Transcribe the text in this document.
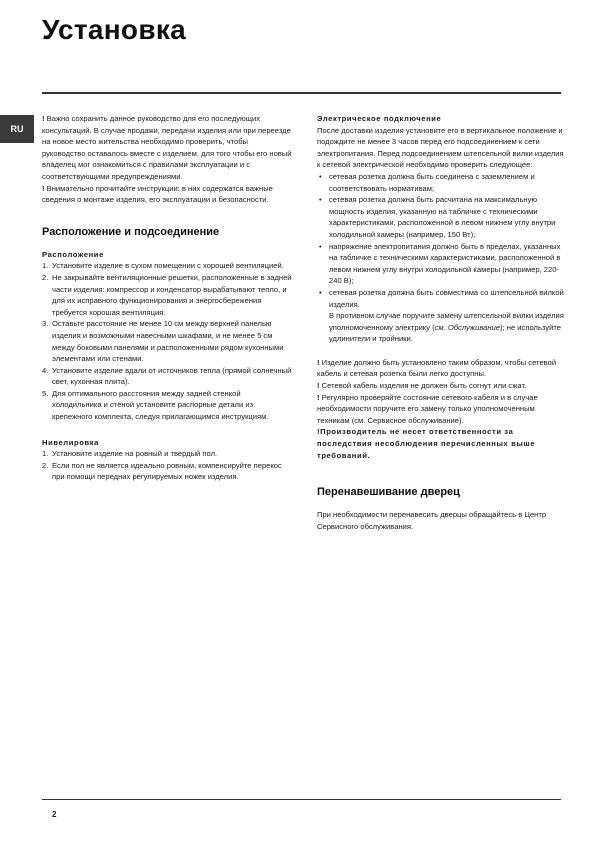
Установка
RU

! Важно сохранить данное руководство для его последующих консультаций. В случае продажи, передачи изделия или при переезде на новое место жительства необходимо проверить, чтобы руководство оставалось вместе с изделием, для того чтобы его новый владелец мог ознакомиться с правилами эксплуатации и с соответствующими предупреждениями.

! Внимательно прочитайте инструкции: в них содержатся важные сведения о монтаже изделия, его эксплуатации и безопасности.

Расположение и подсоединение
Расположение
1. Установите изделие в сухом помещении с хорошей вентиляцией.
2. Не закрывайте вентиляционные решетки, расположенные в задней части изделия: компрессор и конденсатор вырабатывают тепло, и для их исправного функционирования и энергосбережения требуется хорошая вентиляция.
3. Оставьте расстояние не менее 10 см между верхней панелью изделия и возможными навесными шкафами, и не менее 5 см между боковыми панелями и расположенными рядом кухонными элементами или стенами.
4. Установите изделие вдали от источников тепла (прямой солнечный свет, кухонная плита).
5. Для оптимального расстояния между задней стенкой холодильника и стеной установите распорные детали из крепежного комплекта, следуя прилагающимся инструкциям.
Нивелировка
1. Установите изделие на ровный и твердый пол.
2. Если пол не является идеально ровным, компенсируйте перекос при помощи передних регулируемых ножек изделия.
Электрическое подключение

После доставки изделия установите его в вертикальное положение и подождите не менее 3 часов перед его подсоединением к сети электропитания. Перед подсоединением штепсельной вилки изделия к сетевой электрической необходимо проверить следующее:

• сетевая розетка должна быть соединена с заземлением и соответствовать нормативам;
• сетевая розетка должна быть расчитана на максимальную мощность изделия, указанную на табличке с техническими характеристиками, расположенной в левом нижнем углу внутри холодильной камеры (например, 150 Вт);
• напряжение электропитания должно быть в пределах, указанных на табличке с техническими характеристиками, расположенной в левом нижнем углу внутри холодильной камеры (например, 220-240 В);
• сетевая розетка должна быть совместима со штепсельной вилкой изделия.

В противном случае поручите замену штепсельной вилки изделия уполномоченному электрику (см. Обслуживание); не используйте удлинители и тройники.

! Изделие должно быть установлено таким образом, чтобы сетевой кабель и сетевая розетка были легко доступны.

! Сетевой кабель изделия не должен быть согнут или сжат.

! Регулярно проверяйте состояние сетевого кабеля и в случае необходимости поручите его замену только уполномоченным техникам (см. Сервисное обслуживание).

!Производитель не несет ответственности за последствия несоблюдения перечисленных выше требований.

Перенавешивание дверец

При необходимости перенавесить дверцы обращайтесь в Центр Сервисного обслуживания.

2
